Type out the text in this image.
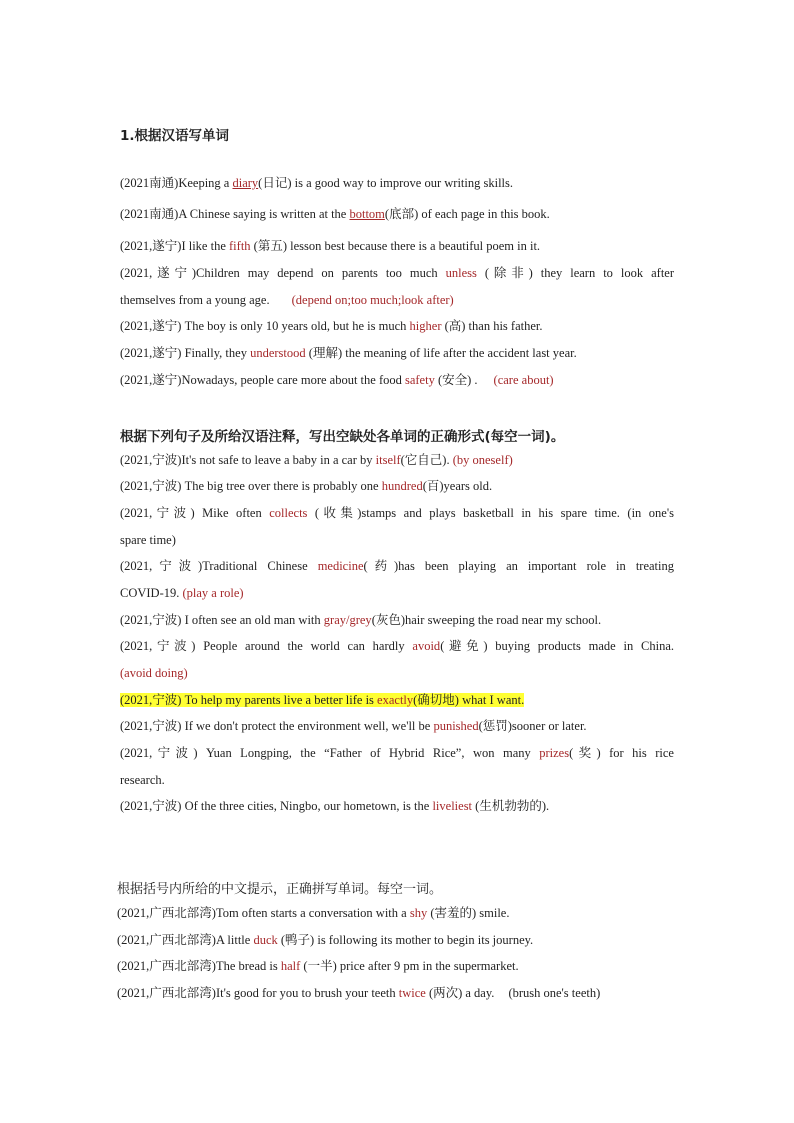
1.根据汉语写单词
(2021南通)Keeping a diary(日记) is a good way to improve our writing skills.
(2021南通)A Chinese saying is written at the bottom(底部) of each page in this book.
(2021,遂宁)I like the fifth (第五) lesson best because there is a beautiful poem in it.
(2021,遂宁)Children may depend on parents too much unless (除非) they learn to look after
themselves from a young age. (depend on;too much;look after)
(2021,遂宁) The boy is only 10 years old, but he is much higher (高) than his father.
(2021,遂宁) Finally, they understood (理解) the meaning of life after the accident last year.
(2021,遂宁)Nowadays, people care more about the food safety (安全) . (care about)
根据下列句子及所给汉语注释，写出空缺处各单词的正确形式(每空一词)。
(2021,宁波)It's not safe to leave a baby in a car by itself(它自己). (by oneself)
(2021,宁波) The big tree over there is probably one hundred(百)years old.
(2021,宁波) Mike often collects (收集)stamps and plays basketball in his spare time. (in one's
spare time)
(2021,宁波)Traditional Chinese medicine(药)has been playing an important role in treating
COVID-19. (play a role)
(2021,宁波) I often see an old man with gray/grey(灰色)hair sweeping the road near my school.
(2021,宁波) People around the world can hardly avoid(避免) buying products made in China.
(avoid doing)
(2021,宁波) To help my parents live a better life is exactly(确切地) what I want.
(2021,宁波) If we don't protect the environment well, we'll be punished(惩罚)sooner or later.
(2021,宁波) Yuan Longping, the “Father of Hybrid Rice”, won many prizes(奖) for his rice
research.
(2021,宁波) Of the three cities, Ningbo, our hometown, is the liveliest (生机勃勃的).
根据括号内所给的中文提示，正确拼写单词。每空一词。
(2021,广西北部湾)Tom often starts a conversation with a shy (害羞的) smile.
(2021,广西北部湾)A little duck (鸭子) is following its mother to begin its journey.
(2021,广西北部湾)The bread is half (一半) price after 9 pm in the supermarket.
(2021,广西北部湾)It's good for you to brush your teeth twice (两次) a day. (brush one's teeth)
